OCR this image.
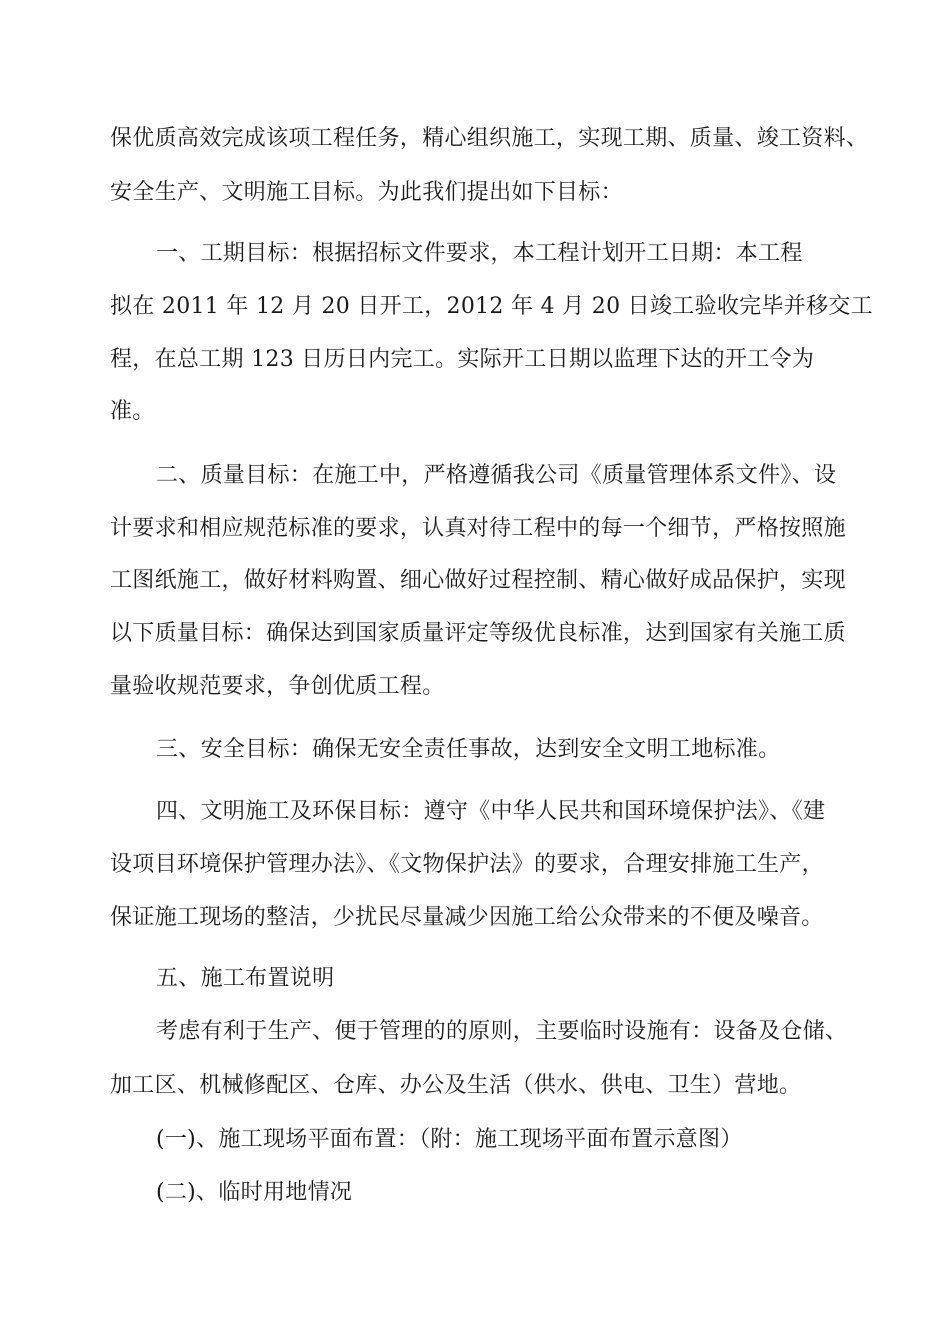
保优质高效完成该项工程任务，精心组织施工，实现工期、质量、竣工资料、
安全生产、文明施工目标。为此我们提出如下目标：
一、工期目标：根据招标文件要求，本工程计划开工日期：本工程
拟在 2011 年 12 月 20 日开工，2012 年 4 月 20 日竣工验收完毕并移交工
程，在总工期 123 日历日内完工。实际开工日期以监理下达的开工令为
准。
二、质量目标：在施工中，严格遵循我公司《质量管理体系文件》、设
计要求和相应规范标准的要求，认真对待工程中的每一个细节，严格按照施
工图纸施工，做好材料购置、细心做好过程控制、精心做好成品保护，实现
以下质量目标：确保达到国家质量评定等级优良标准，达到国家有关施工质
量验收规范要求，争创优质工程。
三、安全目标：确保无安全责任事故，达到安全文明工地标准。
四、文明施工及环保目标：遵守《中华人民共和国环境保护法》、《建
设项目环境保护管理办法》、《文物保护法》的要求，合理安排施工生产，
保证施工现场的整洁，少扰民尽量减少因施工给公众带来的不便及噪音。
五、施工布置说明
考虑有利于生产、便于管理的的原则，主要临时设施有：设备及仓储、
加工区、机械修配区、仓库、办公及生活（供水、供电、卫生）营地。
(一)、施工现场平面布置：（附：施工现场平面布置示意图）
(二)、临时用地情况
